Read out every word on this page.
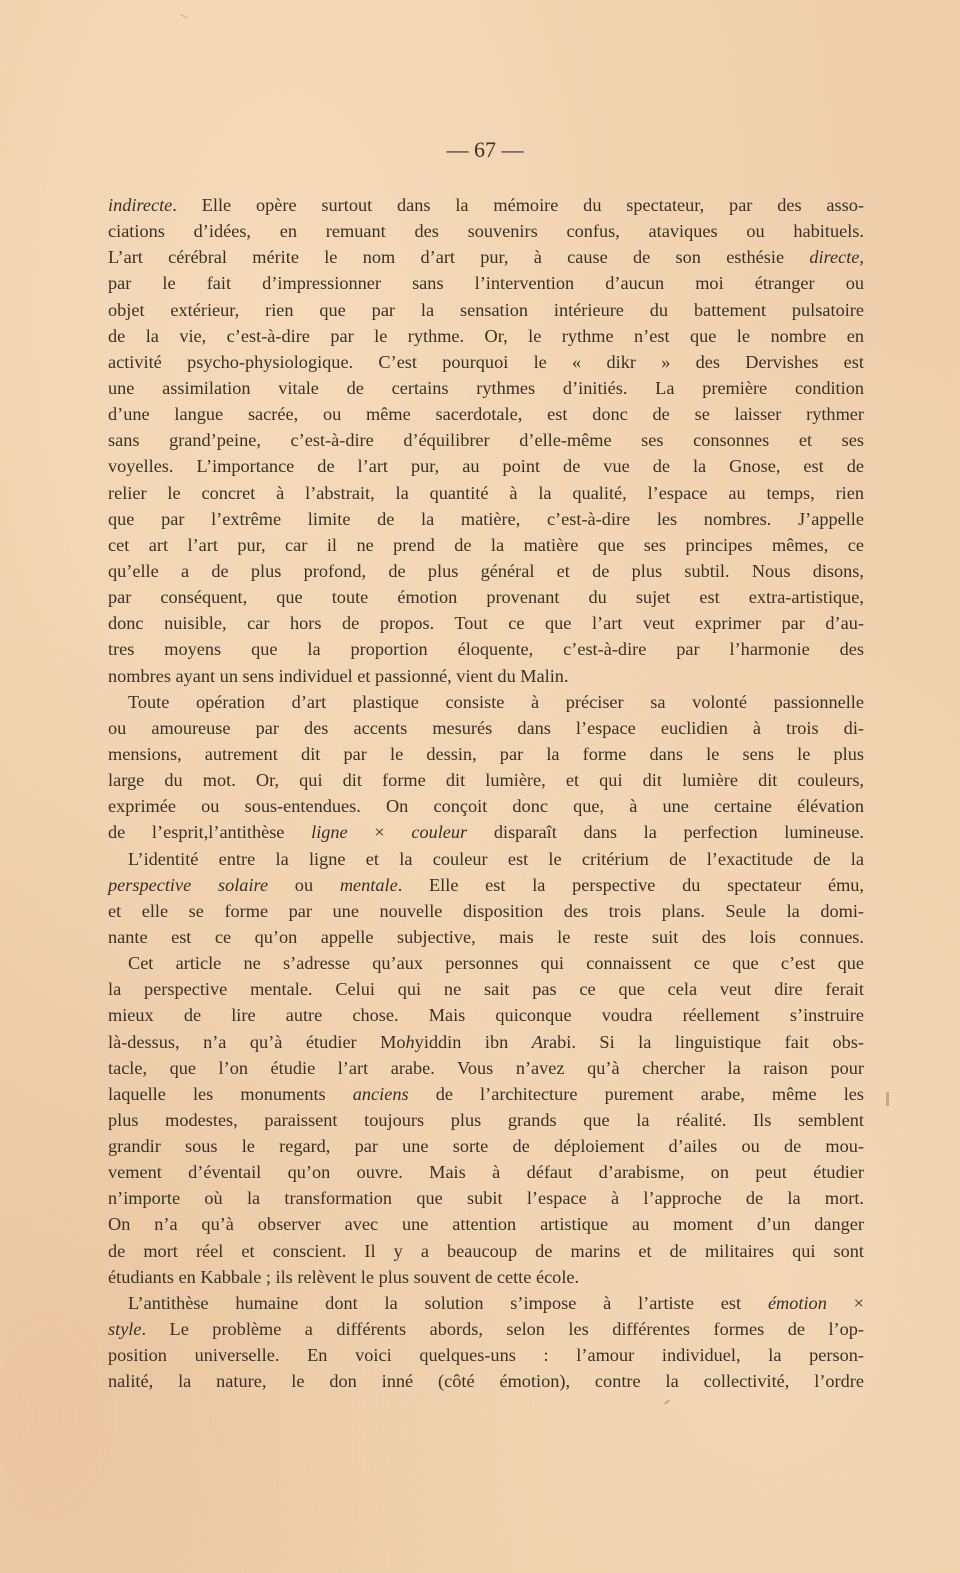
— 67 —
indirecte. Elle opère surtout dans la mémoire du spectateur, par des asso-
ciations d’idées, en remuant des souvenirs confus, ataviques ou habituels.
L’art cérébral mérite le nom d’art pur, à cause de son esthésie directe,
par le fait d’impressionner sans l’intervention d’aucun moi étranger ou
objet extérieur, rien que par la sensation intérieure du battement pulsatoire
de la vie, c’est-à-dire par le rythme. Or, le rythme n’est que le nombre en
activité psycho-physiologique. C’est pourquoi le « dikr » des Dervishes est
une assimilation vitale de certains rythmes d’initiés. La première condition
d’une langue sacrée, ou même sacerdotale, est donc de se laisser rythmer
sans grand’peine, c’est-à-dire d’équilibrer d’elle-même ses consonnes et ses
voyelles. L’importance de l’art pur, au point de vue de la Gnose, est de
relier le concret à l’abstrait, la quantité à la qualité, l’espace au temps, rien
que par l’extrême limite de la matière, c’est-à-dire les nombres. J’appelle
cet art l’art pur, car il ne prend de la matière que ses principes mêmes, ce
qu’elle a de plus profond, de plus général et de plus subtil. Nous disons,
par conséquent, que toute émotion provenant du sujet est extra-artistique,
donc nuisible, car hors de propos. Tout ce que l’art veut exprimer par d’au-
tres moyens que la proportion éloquente, c’est-à-dire par l’harmonie des
nombres ayant un sens individuel et passionné, vient du Malin.
Toute opération d’art plastique consiste à préciser sa volonté passionnelle
ou amoureuse par des accents mesurés dans l’espace euclidien à trois di-
mensions, autrement dit par le dessin, par la forme dans le sens le plus
large du mot. Or, qui dit forme dit lumière, et qui dit lumière dit couleurs,
exprimée ou sous-entendues. On conçoit donc que, à une certaine élévation
de l’esprit,l’antithèse ligne × couleur disparaît dans la perfection lumineuse.
L’identité entre la ligne et la couleur est le critérium de l’exactitude de la
perspective solaire ou mentale. Elle est la perspective du spectateur ému,
et elle se forme par une nouvelle disposition des trois plans. Seule la domi-
nante est ce qu’on appelle subjective, mais le reste suit des lois connues.
Cet article ne s’adresse qu’aux personnes qui connaissent ce que c’est que
la perspective mentale. Celui qui ne sait pas ce que cela veut dire ferait
mieux de lire autre chose. Mais quiconque voudra réellement s’instruire
là-dessus, n’a qu’à étudier Mohyiddin ibn Arabi. Si la linguistique fait obs-
tacle, que l’on étudie l’art arabe. Vous n’avez qu’à chercher la raison pour
laquelle les monuments anciens de l’architecture purement arabe, même les
plus modestes, paraissent toujours plus grands que la réalité. Ils semblent
grandir sous le regard, par une sorte de déploiement d’ailes ou de mou-
vement d’éventail qu’on ouvre. Mais à défaut d’arabisme, on peut étudier
n’importe où la transformation que subit l’espace à l’approche de la mort.
On n’a qu’à observer avec une attention artistique au moment d’un danger
de mort réel et conscient. Il y a beaucoup de marins et de militaires qui sont
étudiants en Kabbale ; ils relèvent le plus souvent de cette école.
L’antithèse humaine dont la solution s’impose à l’artiste est émotion ×
style. Le problème a différents abords, selon les différentes formes de l’op-
position universelle. En voici quelques-uns : l’amour individuel, la person-
nalité, la nature, le don inné (côté émotion), contre la collectivité, l’ordre
